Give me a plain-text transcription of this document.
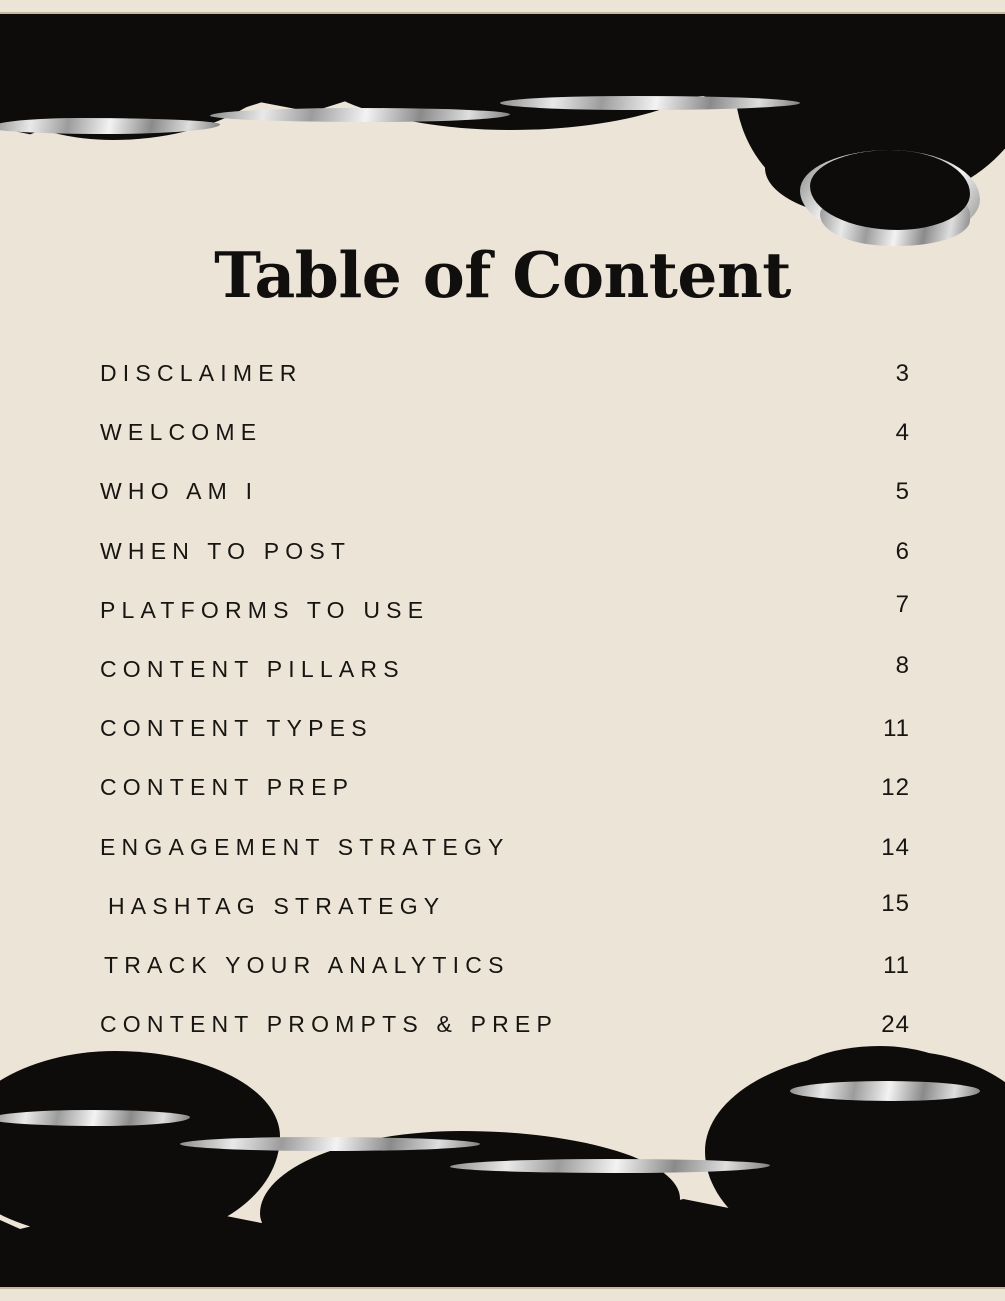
Table of Content
DISCLAIMER	3
WELCOME	4
WHO AM I	5
WHEN TO POST	6
PLATFORMS TO USE	7
CONTENT PILLARS	8
CONTENT TYPES	11
CONTENT PREP	12
ENGAGEMENT STRATEGY	14
HASHTAG STRATEGY	15
TRACK YOUR ANALYTICS	11
CONTENT PROMPTS & PREP	24
